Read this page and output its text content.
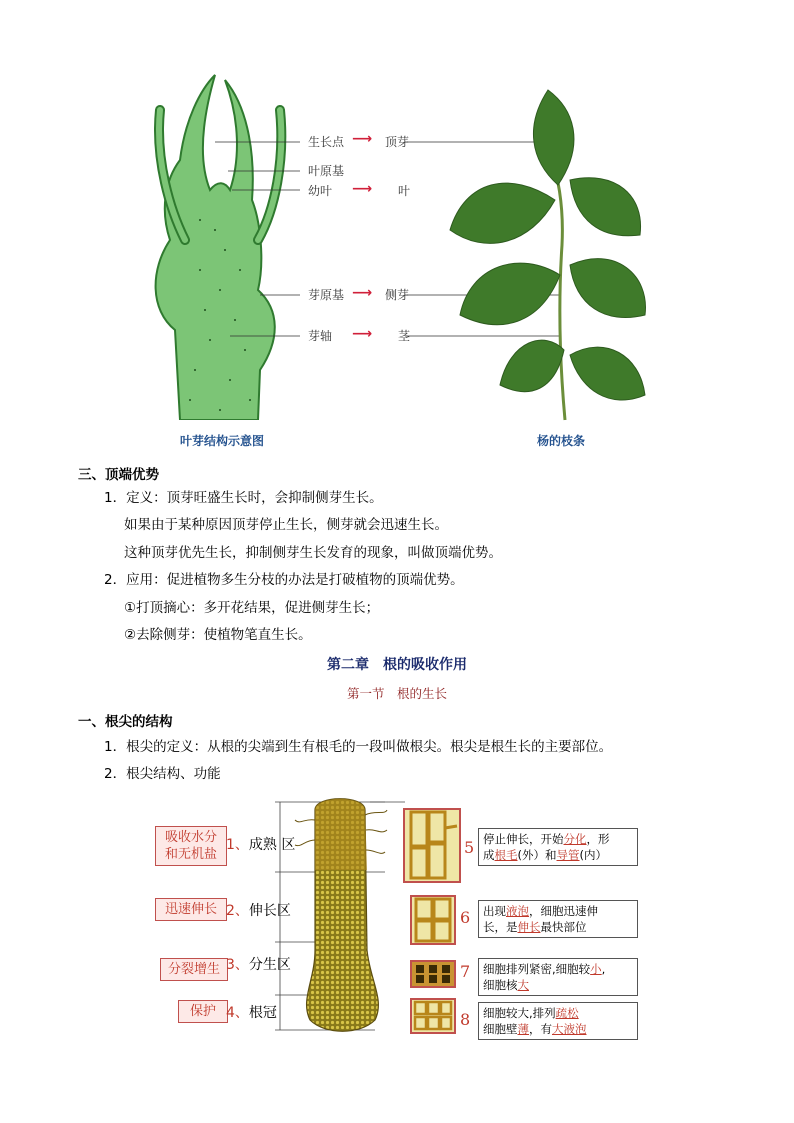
生长点
叶原基
幼叶
芽原基
芽轴
⟶
⟶
⟶
⟶
顶芽
叶
侧芽
茎
叶芽结构示意图	杨的枝条
三、顶端优势
1．定义：顶芽旺盛生长时，会抑制侧芽生长。
如果由于某种原因顶芽停止生长，侧芽就会迅速生长。
这种顶芽优先生长，抑制侧芽生长发育的现象，叫做顶端优势。
2．应用：促进植物多生分枝的办法是打破植物的顶端优势。
①打顶摘心：多开花结果，促进侧芽生长；
②去除侧芽：使植物笔直生长。
第二章　根的吸收作用
第一节　根的生长
一、根尖的结构
1．根尖的定义：从根的尖端到生有根毛的一段叫做根尖。根尖是根生长的主要部位。
2．根尖结构、功能
吸收水分
和无机盐
迅速伸长
分裂增生
保护
1、成熟 区
2、伸长区
3、分生区
4、根冠
5
6
7
8
停止伸长，开始分化，形
成根毛(外）和导管(内）
出现液泡，细胞迅速伸
长，是伸长最快部位
细胞排列紧密,细胞较小,
细胞核大
细胞较大,排列疏松
细胞壁薄，有大液泡
